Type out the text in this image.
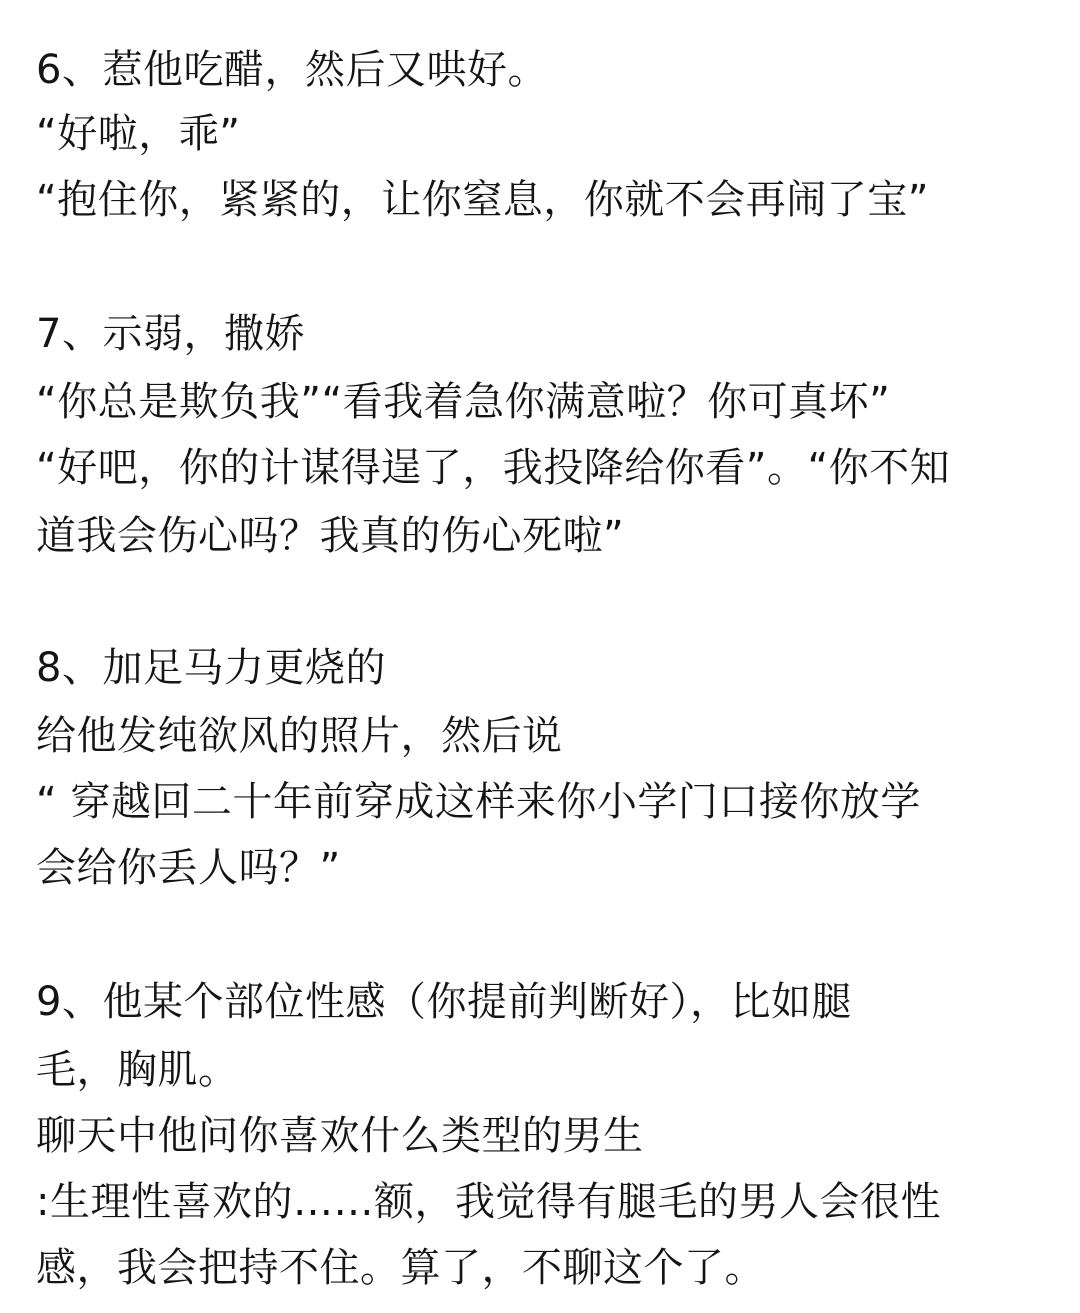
6、惹他吃醋，然后又哄好。
“好啦，乖”
“抱住你，紧紧的，让你窒息，你就不会再闹了宝”
7、示弱，撒娇
“你总是欺负我”“看我着急你满意啦？你可真坏”
“好吧，你的计谋得逞了，我投降给你看”。“你不知
道我会伤心吗？我真的伤心死啦”
8、加足马力更烧的
给他发纯欲风的照片，然后说
“ 穿越回二十年前穿成这样来你小学门口接你放学
会给你丢人吗？”
9、他某个部位性感（你提前判断好），比如腿
毛，胸肌。
聊天中他问你喜欢什么类型的男生
:生理性喜欢的……额，我觉得有腿毛的男人会很性
感，我会把持不住。算了，不聊这个了。
